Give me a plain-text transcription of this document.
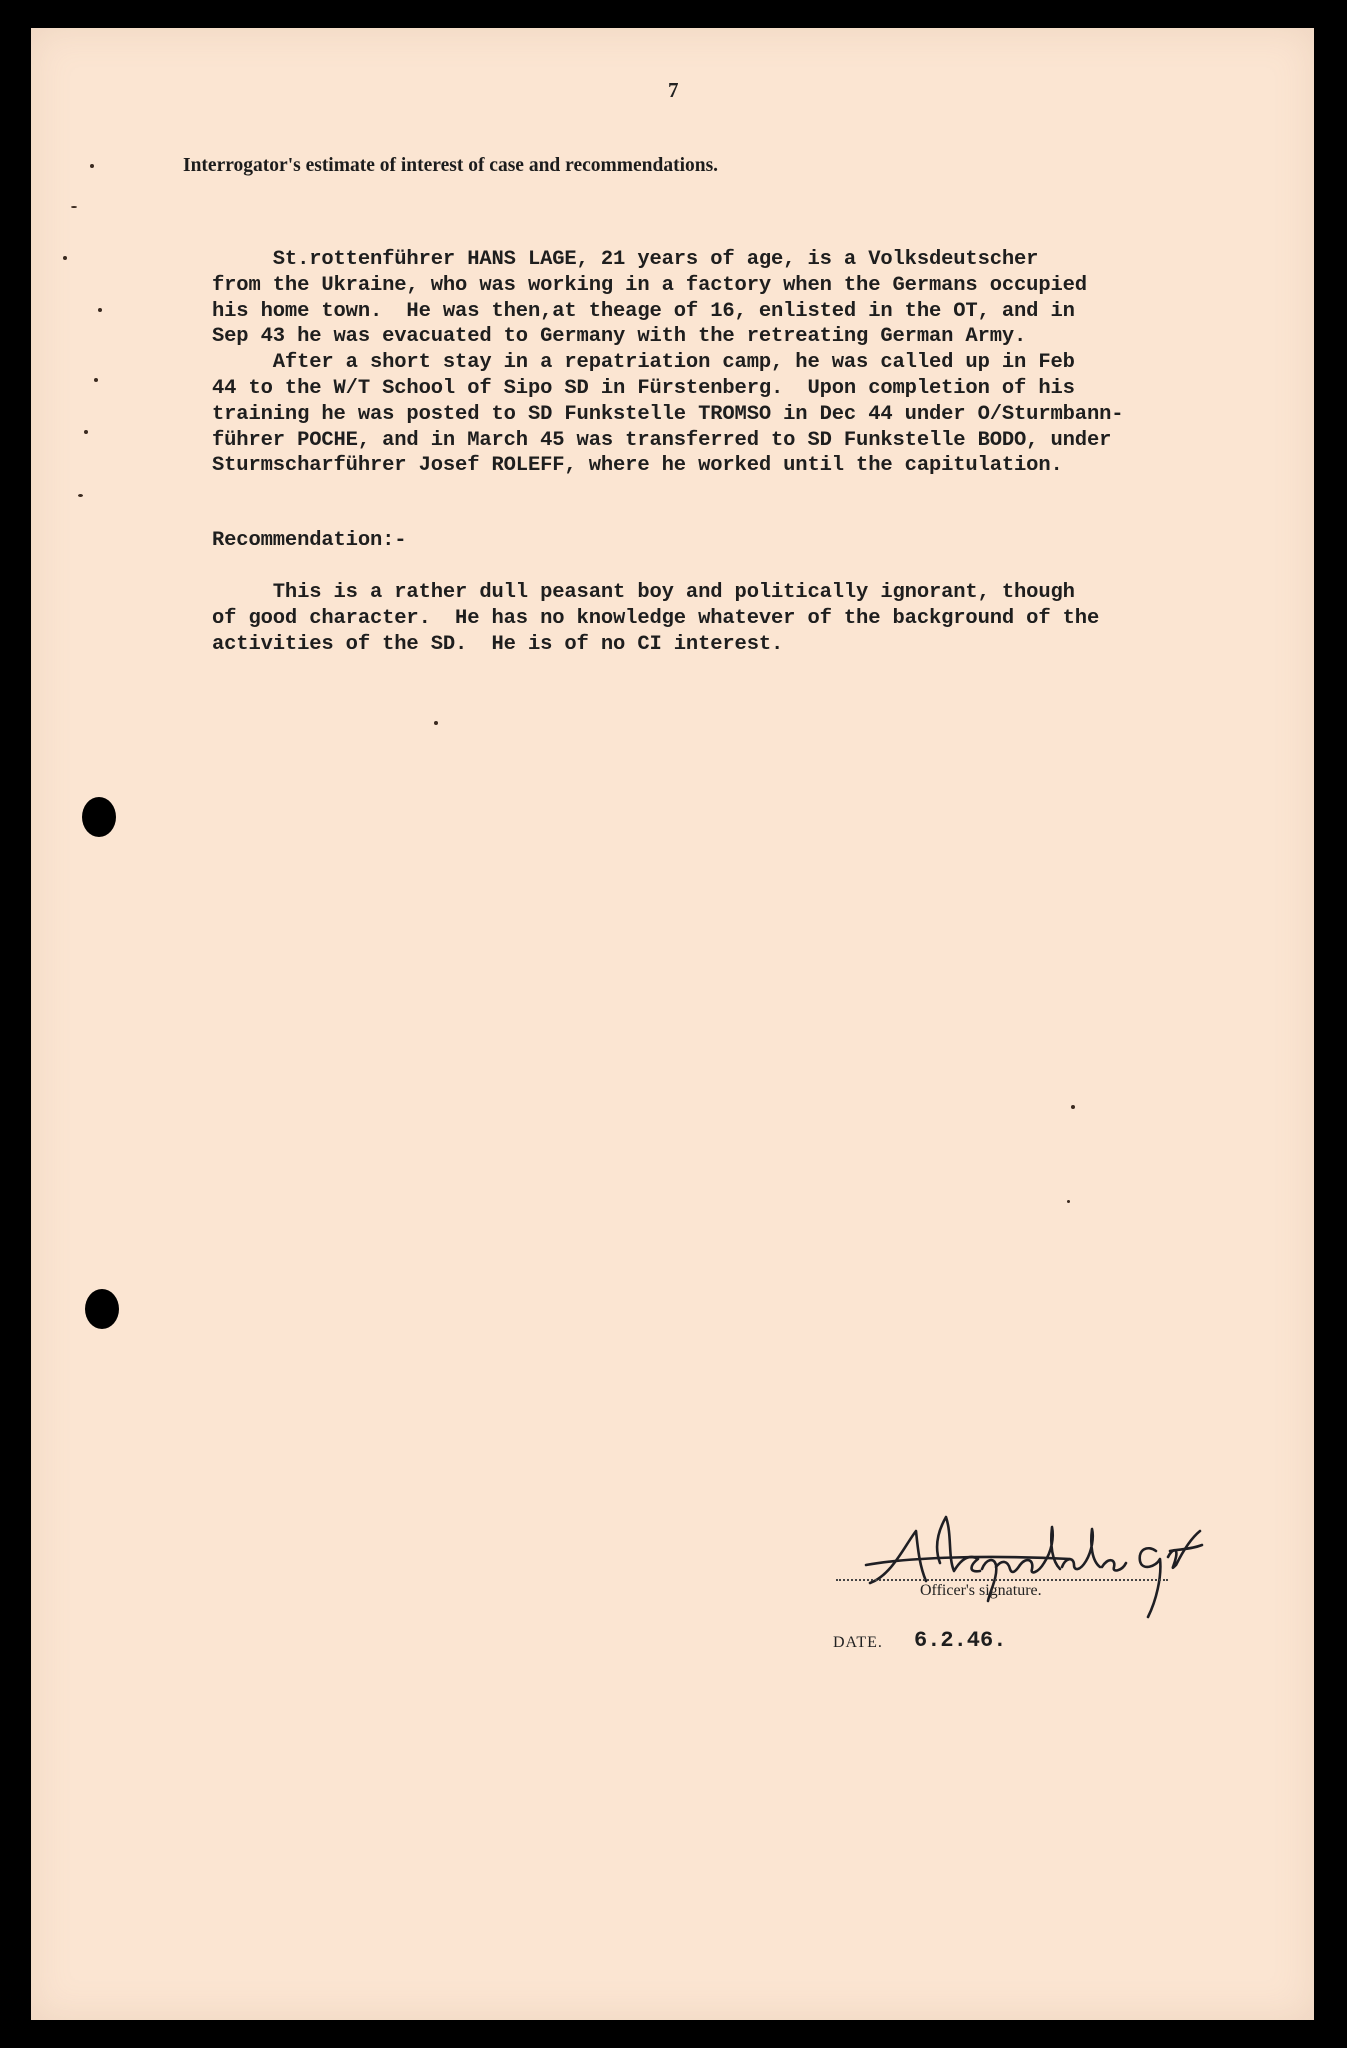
7
Interrogator's estimate of interest of case and recommendations.
St.rottenführer HANS LAGE, 21 years of age, is a Volksdeutscher
from the Ukraine, who was working in a factory when the Germans occupied
his home town.  He was then,at theage of 16, enlisted in the OT, and in
Sep 43 he was evacuated to Germany with the retreating German Army.
After a short stay in a repatriation camp, he was called up in Feb
44 to the W/T School of Sipo SD in Fürstenberg.  Upon completion of his
training he was posted to SD Funkstelle TROMSO in Dec 44 under O/Sturmbann-
führer POCHE, and in March 45 was transferred to SD Funkstelle BODO, under
Sturmscharführer Josef ROLEFF, where he worked until the capitulation.
Recommendation:-
This is a rather dull peasant boy and politically ignorant, though
of good character.  He has no knowledge whatever of the background of the
activities of the SD.  He is of no CI interest.
Officer's signature.
DATE. 6.2.46.
